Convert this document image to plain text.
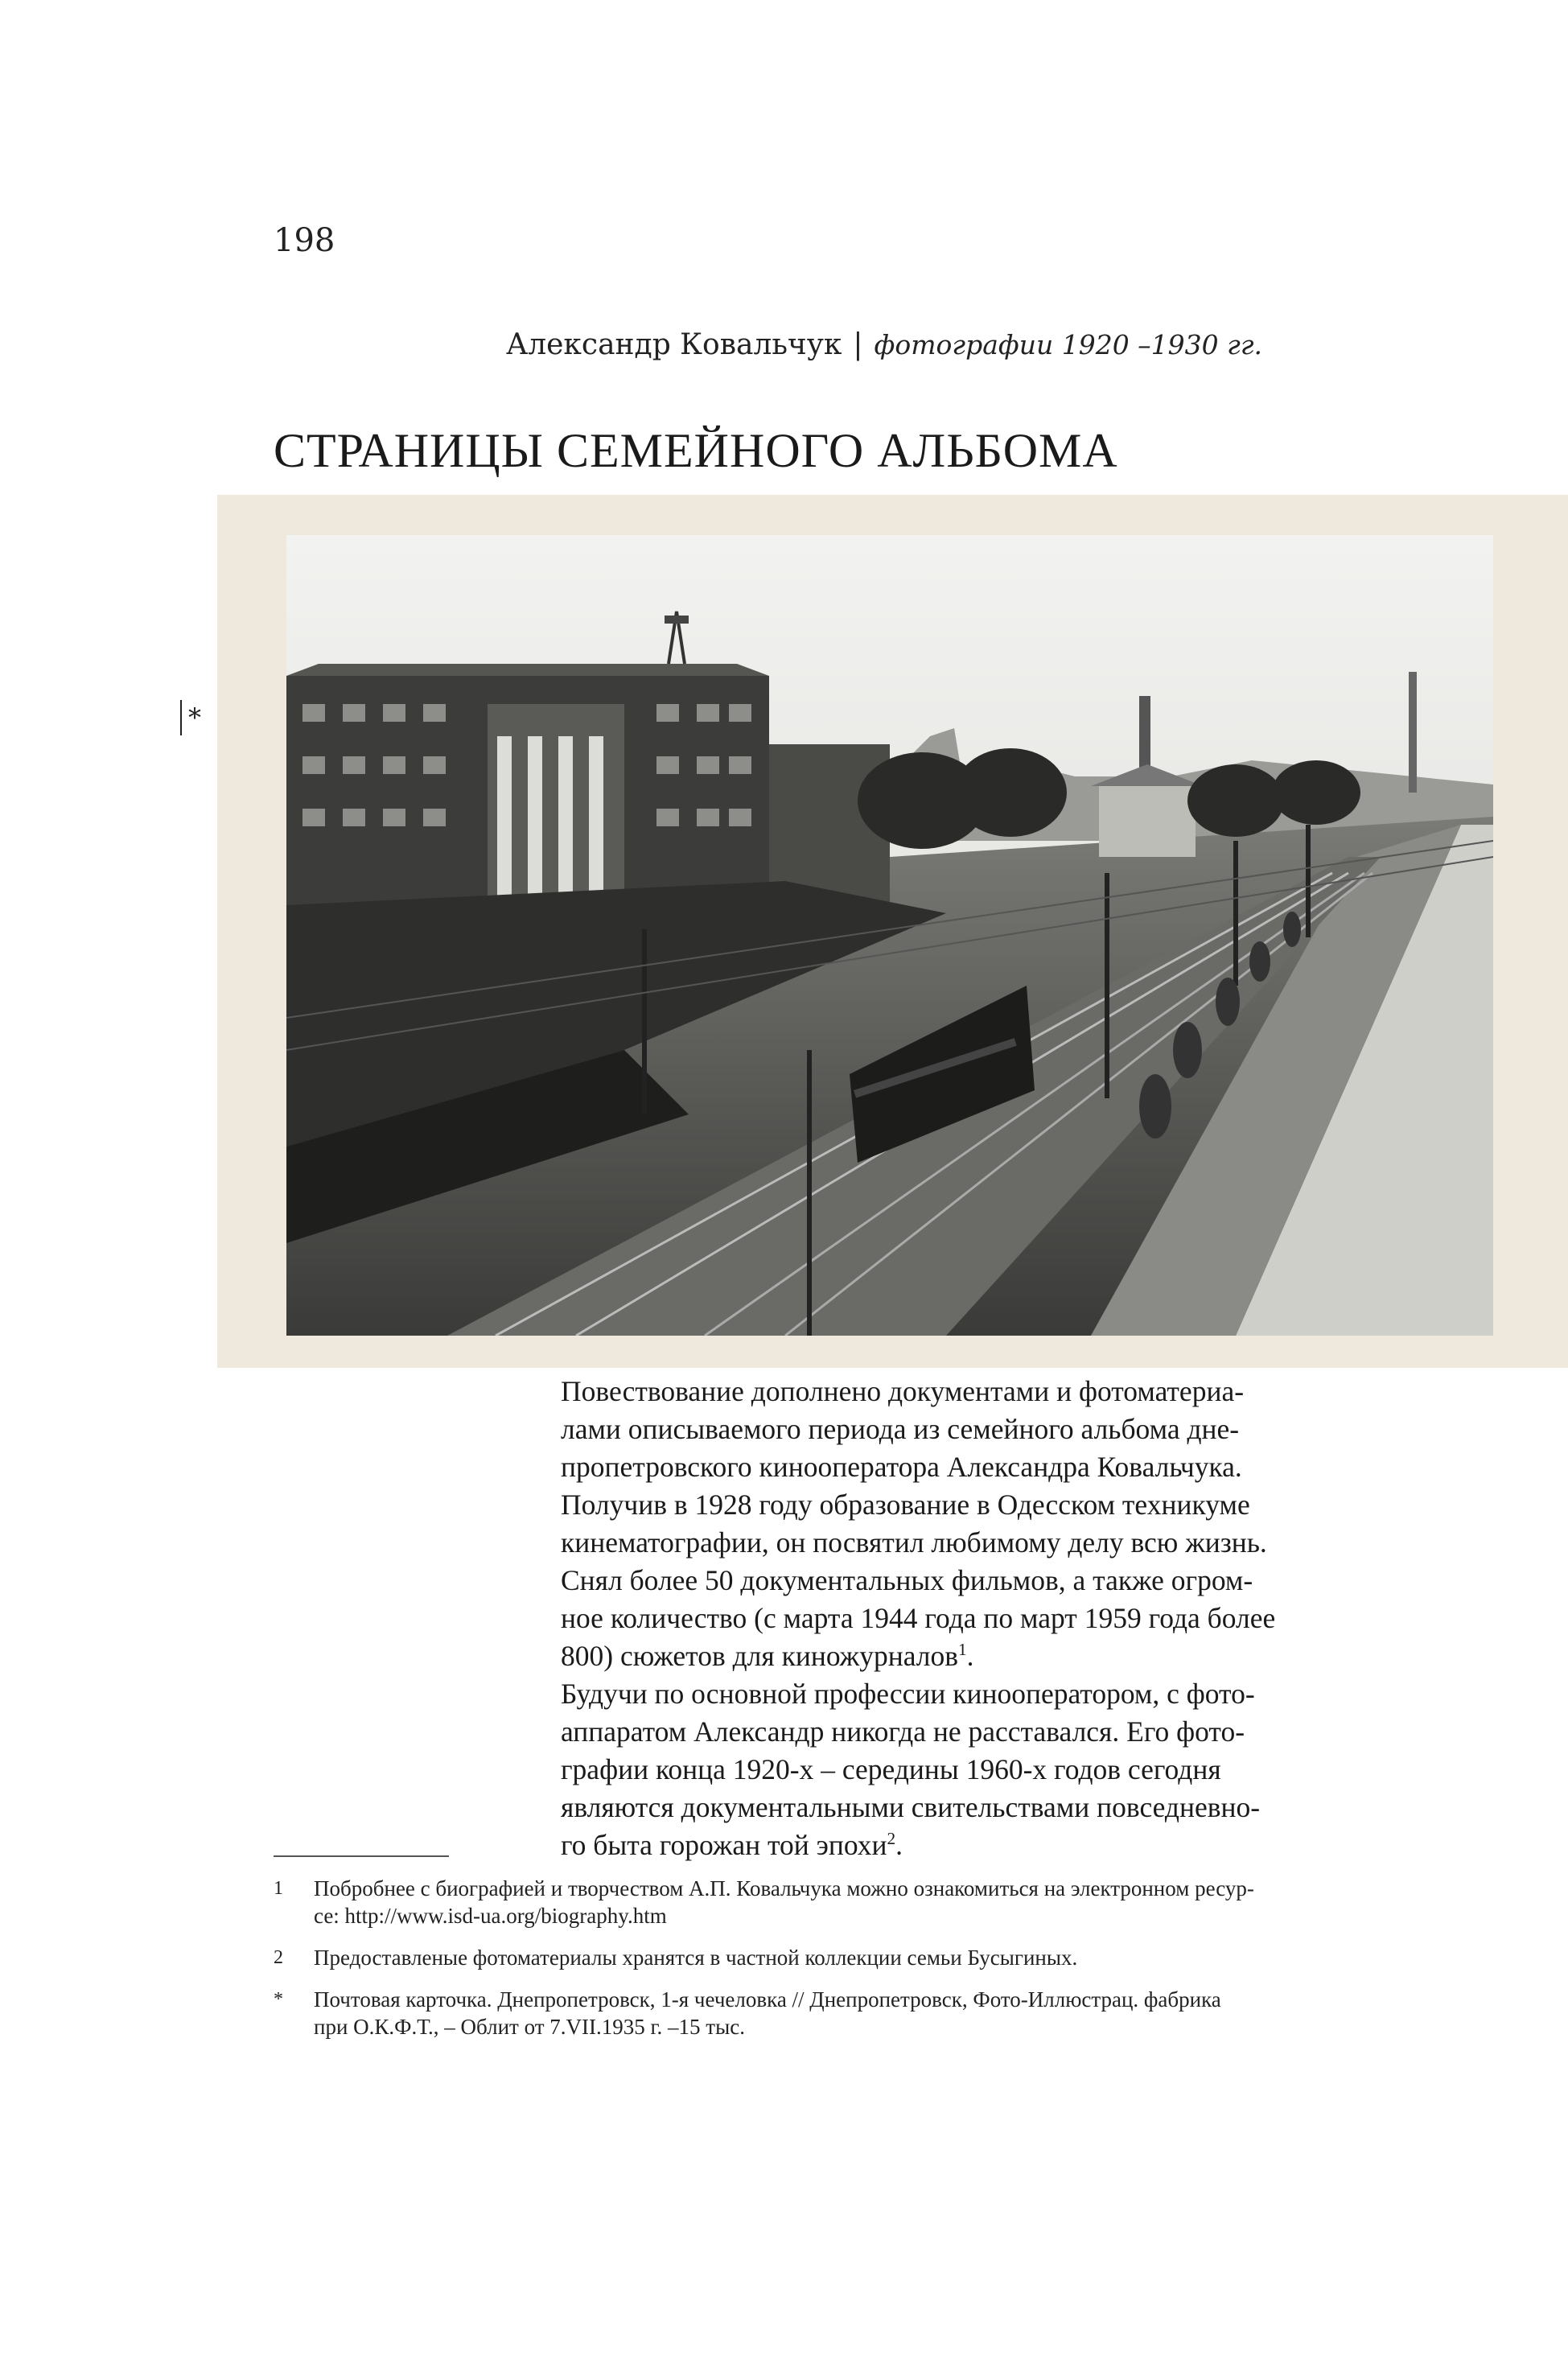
198
Александр Ковальчук | фотографии 1920 –1930 гг.
СТРАНИЦЫ СЕМЕЙНОГО АЛЬБОМА
*

Повествование дополнено документами и фотоматериа-
лами описываемого периода из семейного альбома дне-
пропетровского кинооператора Александра Ковальчука.
Получив в 1928 году образование в Одесском техникуме
кинематографии, он посвятил любимому делу всю жизнь.
Снял более 50 документальных фильмов, а также огром-
ное количество (с марта 1944 года по март 1959 года более
800) сюжетов для киножурналов$^1$.
Будучи по основной профессии кинооператором, с фото-
аппаратом Александр никогда не расставался. Его фото-
графии конца 1920-х – середины 1960-х годов сегодня
являются документальными свительствами повседневно-
го быта горожан той эпохи$^2$.

1	Побробнее с биографией и творчеством А.П. Ковальчука можно ознакомиться на электронном ресур-
се: http://www.isd-ua.org/biography.htm
2	Предоставленые фотоматериалы хранятся в частной коллекции семьи Бусыгиных.
*	Почтовая карточка. Днепропетровск, 1-я чечеловка // Днепропетровск, Фото-Иллюстрац. фабрика
при О.К.Ф.Т., – Облит от 7.VII.1935 г. –15 тыс.
